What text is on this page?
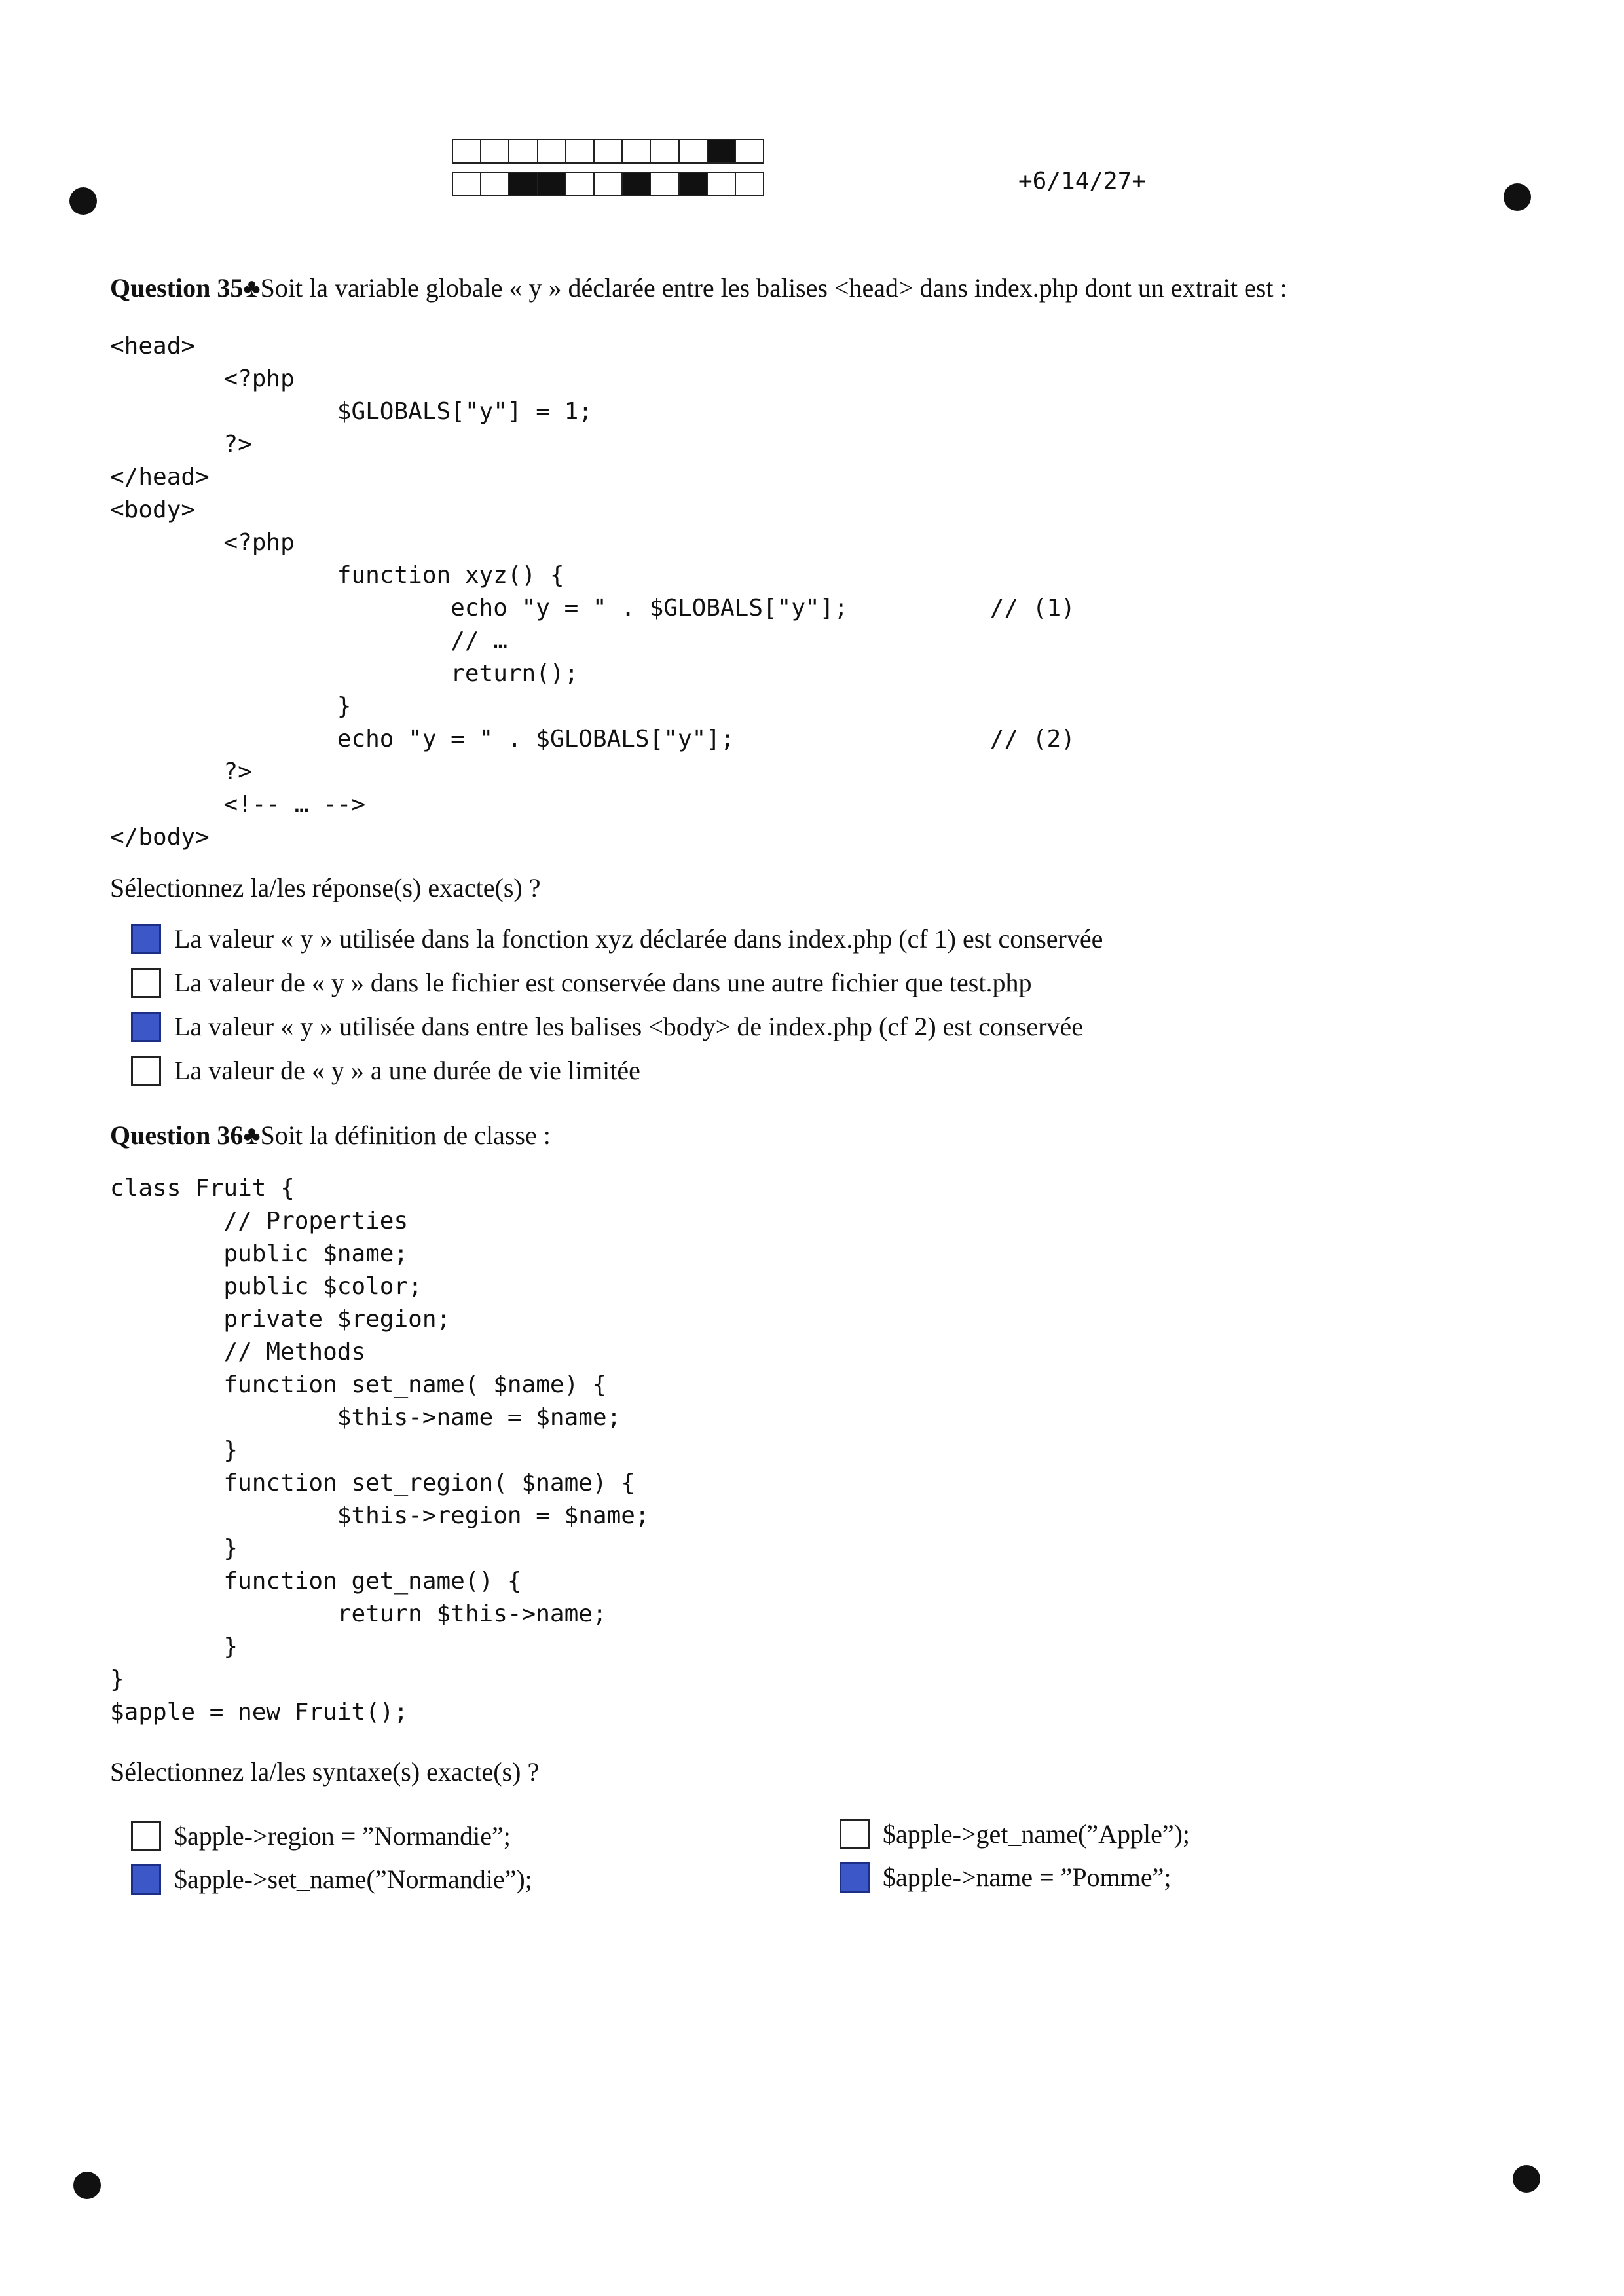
+6/14/27+
Question 35♣Soit la variable globale « y » déclarée entre les balises <head> dans index.php dont un extrait est :
<head>
<?php
$GLOBALS["y"] = 1;
?>
</head>
<body>
<?php
function xyz() {
echo "y = " . $GLOBALS["y"];          // (1)
// …
return();
}
echo "y = " . $GLOBALS["y"];                  // (2)
?>
<!-- … -->
</body>
Sélectionnez la/les réponse(s) exacte(s) ?
La valeur « y » utilisée dans la fonction xyz déclarée dans index.php (cf 1) est conservée
La valeur de « y » dans le fichier est conservée dans une autre fichier que test.php
La valeur « y » utilisée dans entre les balises <body> de index.php (cf 2) est conservée
La valeur de « y » a une durée de vie limitée
Question 36♣Soit la définition de classe :
class Fruit {
// Properties
public $name;
public $color;
private $region;
// Methods
function set_name( $name) {
$this->name = $name;
}
function set_region( $name) {
$this->region = $name;
}
function get_name() {
return $this->name;
}
}
$apple = new Fruit();
Sélectionnez la/les syntaxe(s) exacte(s) ?
$apple->region = ”Normandie”;	$apple->get_name(”Apple”);
$apple->set_name(”Normandie”);	$apple->name = ”Pomme”;
